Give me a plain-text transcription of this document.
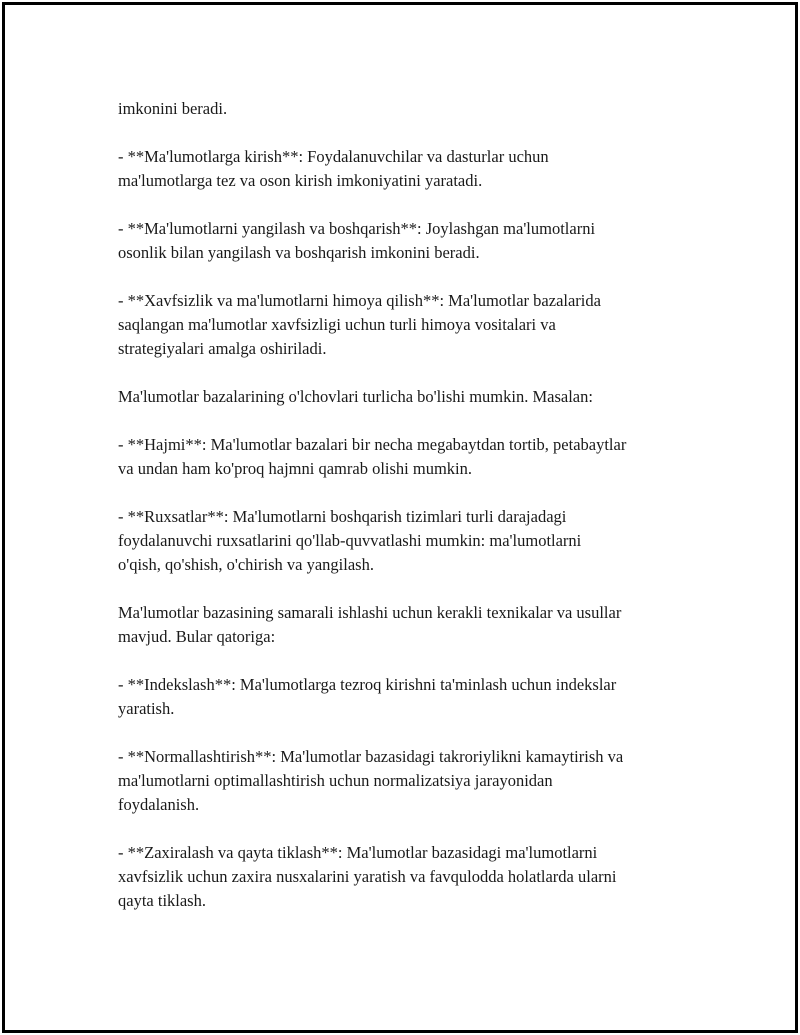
imkonini beradi.

- **Ma'lumotlarga kirish**: Foydalanuvchilar va dasturlar uchun
ma'lumotlarga tez va oson kirish imkoniyatini yaratadi.

- **Ma'lumotlarni yangilash va boshqarish**: Joylashgan ma'lumotlarni
osonlik bilan yangilash va boshqarish imkonini beradi.

- **Xavfsizlik va ma'lumotlarni himoya qilish**: Ma'lumotlar bazalarida
saqlangan ma'lumotlar xavfsizligi uchun turli himoya vositalari va
strategiyalari amalga oshiriladi.

Ma'lumotlar bazalarining o'lchovlari turlicha bo'lishi mumkin. Masalan:

- **Hajmi**: Ma'lumotlar bazalari bir necha megabaytdan tortib, petabaytlar
va undan ham ko'proq hajmni qamrab olishi mumkin.

- **Ruxsatlar**: Ma'lumotlarni boshqarish tizimlari turli darajadagi
foydalanuvchi ruxsatlarini qo'llab-quvvatlashi mumkin: ma'lumotlarni
o'qish, qo'shish, o'chirish va yangilash.

Ma'lumotlar bazasining samarali ishlashi uchun kerakli texnikalar va usullar
mavjud. Bular qatoriga:

- **Indekslash**: Ma'lumotlarga tezroq kirishni ta'minlash uchun indekslar
yaratish.

- **Normallashtirish**: Ma'lumotlar bazasidagi takroriylikni kamaytirish va
ma'lumotlarni optimallashtirish uchun normalizatsiya jarayonidan
foydalanish.

- **Zaxiralash va qayta tiklash**: Ma'lumotlar bazasidagi ma'lumotlarni
xavfsizlik uchun zaxira nusxalarini yaratish va favqulodda holatlarda ularni
qayta tiklash.
